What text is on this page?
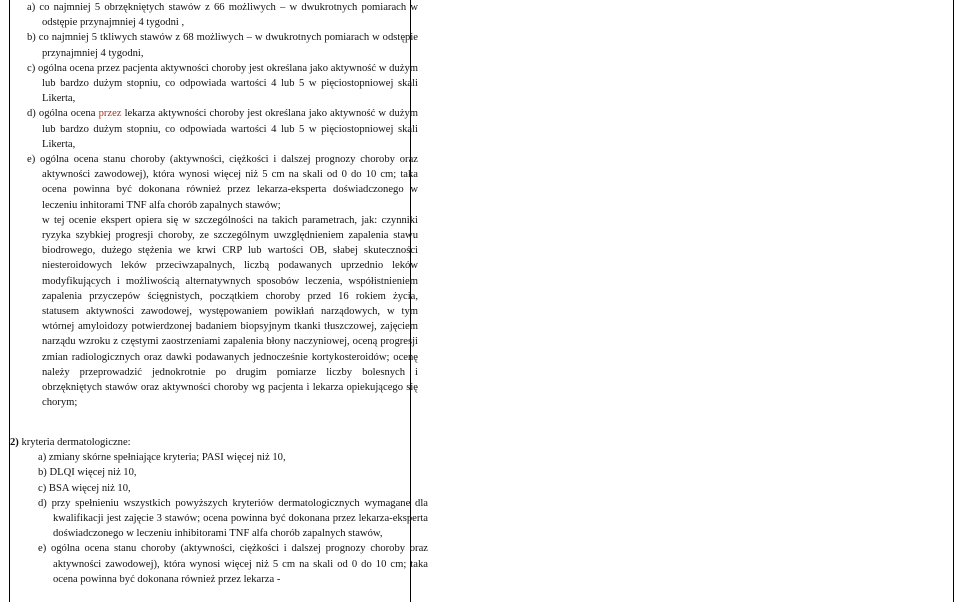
a) co najmniej 5 obrzękniętych stawów z 66 możliwych – w dwukrotnych pomiarach w odstępie przynajmniej 4 tygodni ,

b) co najmniej 5 tkliwych stawów z 68 możliwych – w dwukrotnych pomiarach w odstępie przynajmniej 4 tygodni,

c) ogólna ocena przez pacjenta aktywności choroby jest określana jako aktywność w dużym lub bardzo dużym stopniu, co odpowiada wartości 4 lub 5 w pięciostopniowej skali Likerta,

d) ogólna ocena przez lekarza aktywności choroby jest określana jako aktywność w dużym lub bardzo dużym stopniu, co odpowiada wartości 4 lub 5 w pięciostopniowej skali Likerta,

e) ogólna ocena stanu choroby (aktywności, ciężkości i dalszej prognozy choroby oraz aktywności zawodowej), która wynosi więcej niż 5 cm na skali od 0 do 10 cm; taka ocena powinna być dokonana również przez lekarza-eksperta doświadczonego w leczeniu inhitorami TNF alfa chorób zapalnych stawów;

w tej ocenie ekspert opiera się w szczególności na takich parametrach, jak: czynniki ryzyka szybkiej progresji choroby, ze szczególnym uwzględnieniem zapalenia stawu biodrowego, dużego stężenia we krwi CRP lub wartości OB, słabej skuteczności niesteroidowych leków przeciwzapalnych, liczbą podawanych uprzednio leków modyfikujących i możliwością alternatywnych sposobów leczenia, współistnieniem zapalenia przyczepów ścięgnistych, początkiem choroby przed 16 rokiem życia, statusem aktywności zawodowej, występowaniem powikłań narządowych, w tym wtórnej amyloidozy potwierdzonej badaniem biopsyjnym tkanki tłuszczowej, zajęciem narządu wzroku z częstymi zaostrzeniami zapalenia błony naczyniowej, oceną progresji zmian radiologicznych oraz dawki podawanych jednocześnie kortykosteroidów; ocenę należy przeprowadzić jednokrotnie po drugim pomiarze liczby bolesnych i obrzękniętych stawów oraz aktywności choroby wg pacjenta i lekarza opiekującego się chorym;

2) kryteria dermatologiczne:

a) zmiany skórne spełniające kryteria; PASI więcej niż 10,

b) DLQI więcej niż 10,

c) BSA więcej niż 10,

d) przy spełnieniu wszystkich powyższych kryteriów dermatologicznych wymagane dla kwalifikacji jest zajęcie 3 stawów; ocena powinna być dokonana przez lekarza-eksperta doświadczonego w leczeniu inhibitorami TNF alfa chorób zapalnych stawów,

e) ogólna ocena stanu choroby (aktywności, ciężkości i dalszej prognozy choroby oraz aktywności zawodowej), która wynosi więcej niż 5 cm na skali od 0 do 10 cm; taka ocena powinna być dokonana również przez lekarza -
